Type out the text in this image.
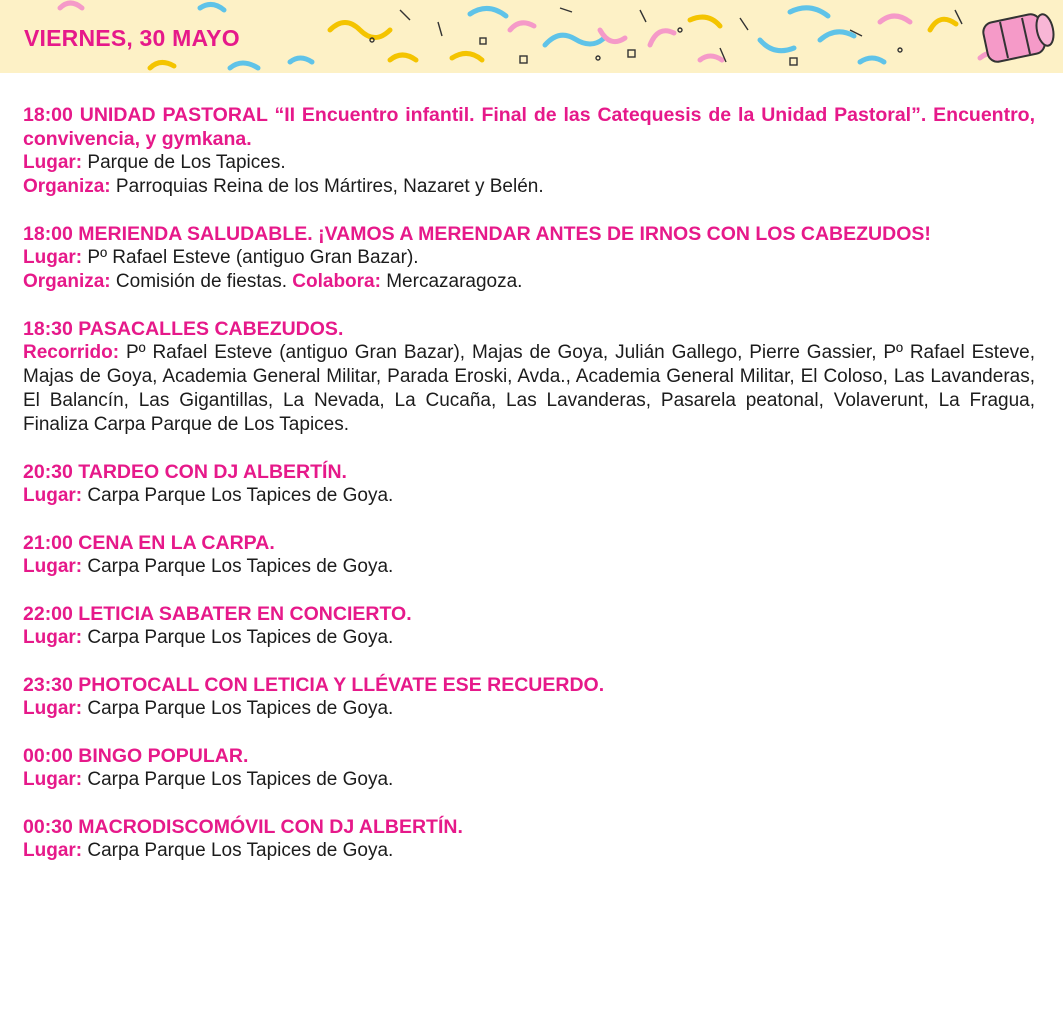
VIERNES, 30 MAYO
18:00 UNIDAD PASTORAL “II Encuentro infantil. Final de las Catequesis de la Unidad Pastoral”. Encuentro, convivencia, y gymkana.
Lugar: Parque de Los Tapices.
Organiza: Parroquias Reina de los Mártires, Nazaret y Belén.
18:00 MERIENDA SALUDABLE. ¡VAMOS A MERENDAR ANTES DE IRNOS CON LOS CABEZUDOS!
Lugar: Pº Rafael Esteve (antiguo Gran Bazar).
Organiza: Comisión de fiestas. Colabora: Mercazaragoza.
18:30 PASACALLES CABEZUDOS.
Recorrido: Pº Rafael Esteve (antiguo Gran Bazar), Majas de Goya, Julián Gallego, Pierre Gassier, Pº Rafael Esteve, Majas de Goya, Academia General Militar, Parada Eroski, Avda., Academia General Militar, El Coloso, Las Lavanderas, El Balancín, Las Gigantillas, La Nevada, La Cucaña, Las Lavanderas, Pasarela peatonal, Volaverunt, La Fragua, Finaliza Carpa Parque de Los Tapices.
20:30 TARDEO CON DJ ALBERTÍN.
Lugar: Carpa Parque Los Tapices de Goya.
21:00 CENA EN LA CARPA.
Lugar: Carpa Parque Los Tapices de Goya.
22:00 LETICIA SABATER EN CONCIERTO.
Lugar: Carpa Parque Los Tapices de Goya.
23:30 PHOTOCALL CON LETICIA Y LLÉVATE ESE RECUERDO.
Lugar: Carpa Parque Los Tapices de Goya.
00:00 BINGO POPULAR.
Lugar: Carpa Parque Los Tapices de Goya.
00:30 MACRODISCOMÓVIL CON DJ ALBERTÍN.
Lugar: Carpa Parque Los Tapices de Goya.
